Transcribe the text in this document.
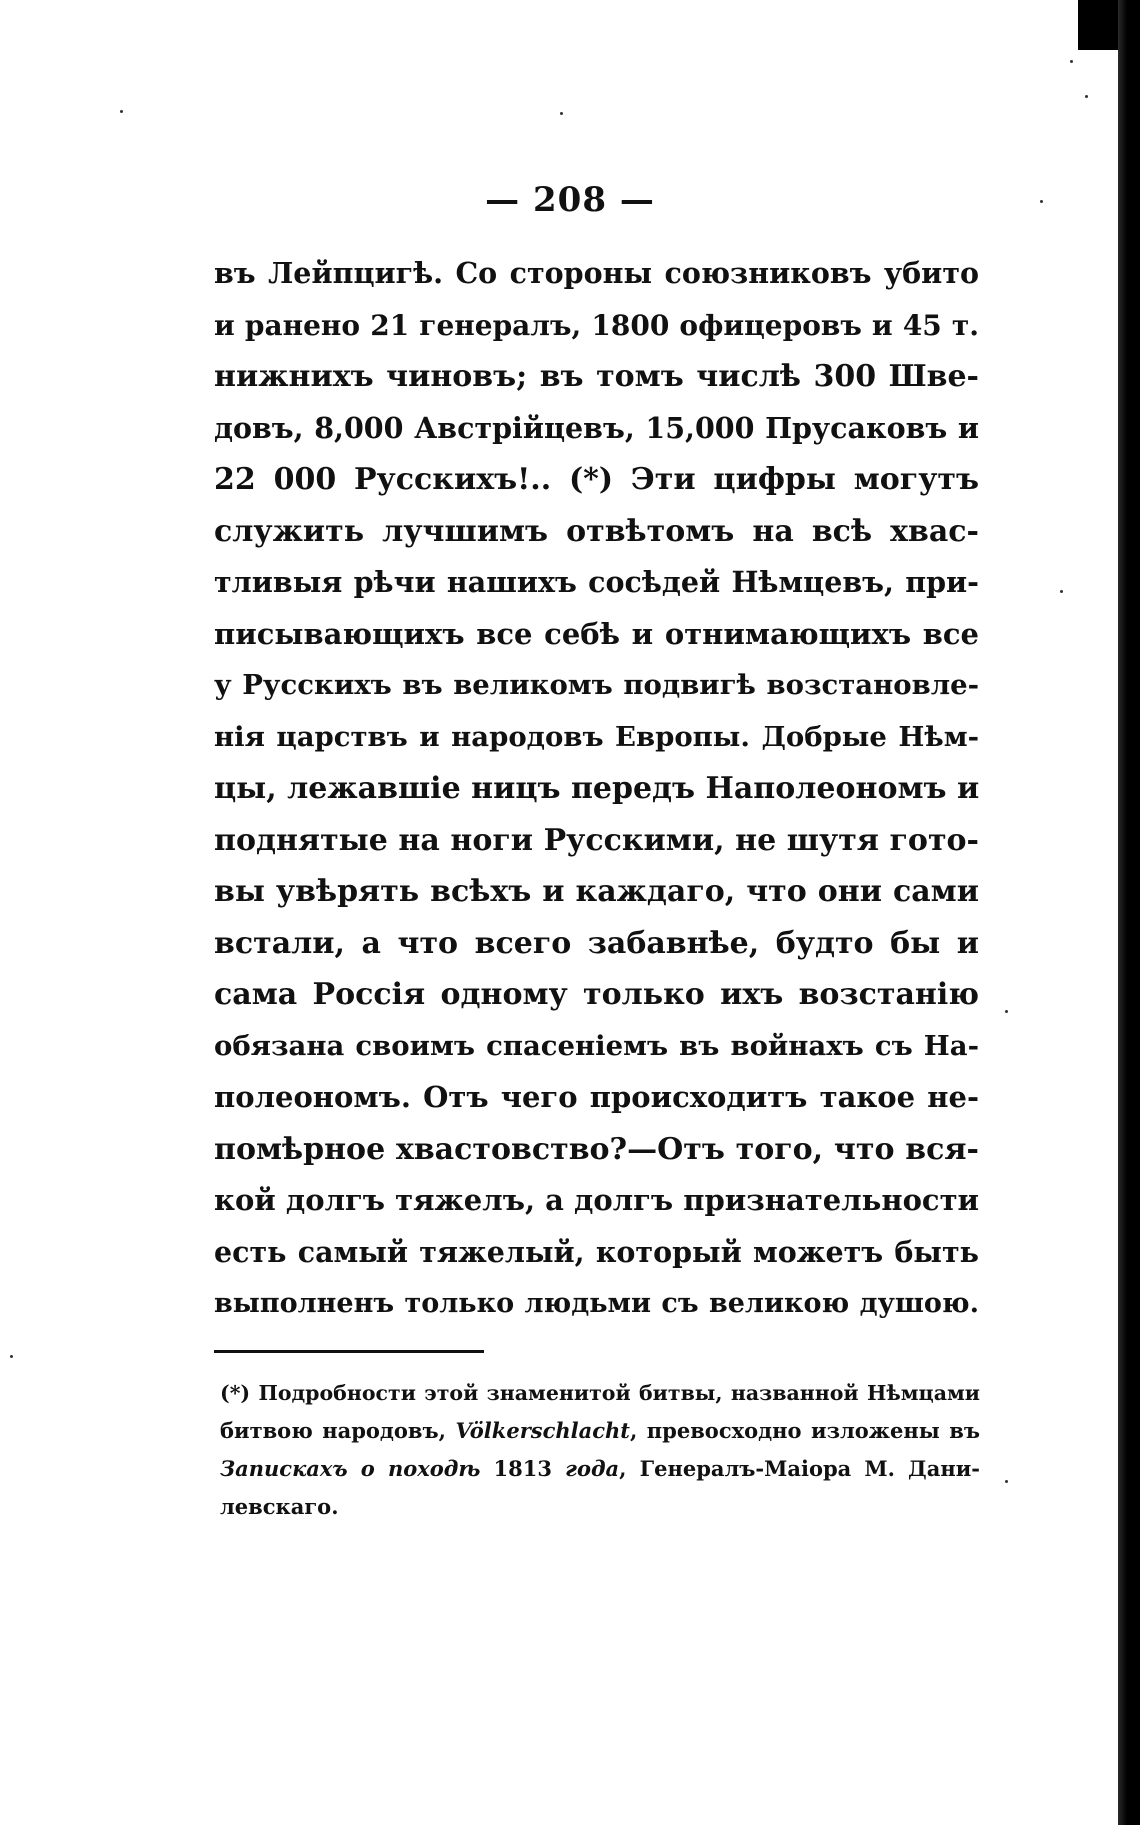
— 208 —
въ Лейпцигѣ. Со стороны союзниковъ убито
и ранено 21 генералъ, 1800 офицеровъ и 45 т.
нижнихъ чиновъ; въ томъ числѣ 300 Шве-
довъ, 8,000 Австрійцевъ, 15,000 Прусаковъ и
22 000 Русскихъ!.. (*) Эти цифры могутъ
служить лучшимъ отвѣтомъ на всѣ хвас-
тливыя рѣчи нашихъ сосѣдей Нѣмцевъ, при-
писывающихъ все себѣ и отнимающихъ все
у Русскихъ въ великомъ подвигѣ возстановле-
нія царствъ и народовъ Европы. Добрые Нѣм-
цы, лежавшіе ницъ передъ Наполеономъ и
поднятые на ноги Русскими, не шутя гото-
вы увѣрять всѣхъ и каждаго, что они сами
встали, а что всего забавнѣе, будто бы и
сама Россія одному только ихъ возстанію
обязана своимъ спасеніемъ въ войнахъ съ На-
полеономъ. Отъ чего происходитъ такое не-
помѣрное хвастовство?—Отъ того, что вся-
кой долгъ тяжелъ, а долгъ признательности
есть самый тяжелый, который можетъ быть
выполненъ только людьми съ великою душою.
(*) Подробности этой знаменитой битвы, названной Нѣмцами
битвою народовъ, Völkerschlacht, превосходно изложены въ
Запискахъ о походѣ 1813 года, Генералъ-Маіора М. Дани-
левскаго.
